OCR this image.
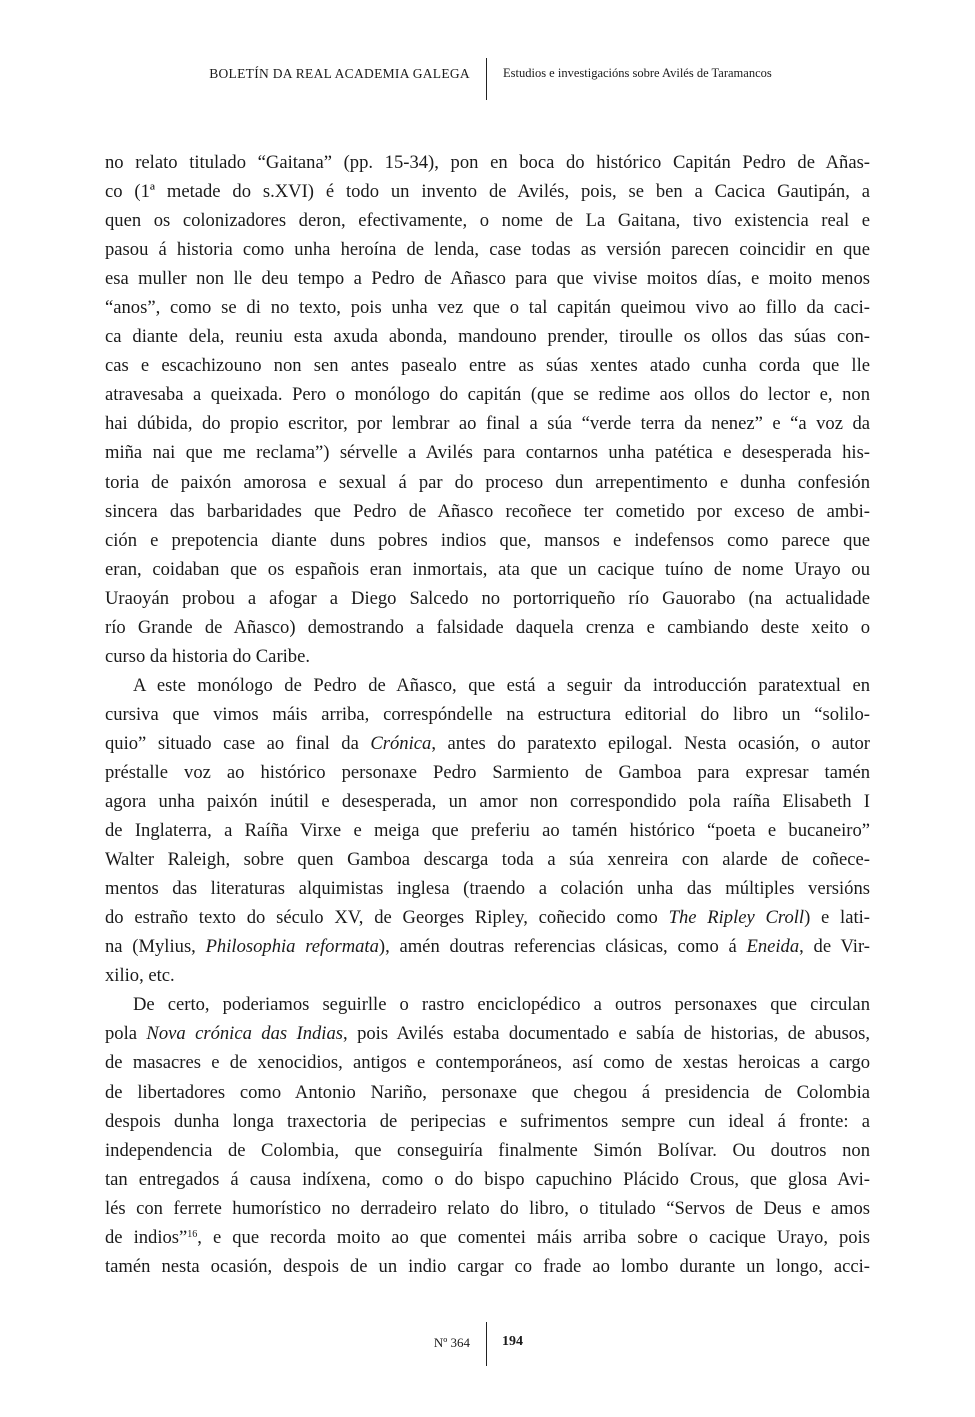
BOLETÍN DA REAL ACADEMIA GALEGA	Estudios e investigacións sobre Avilés de Taramancos
no relato titulado “Gaitana” (pp. 15-34), pon en boca do histórico Capitán Pedro de Añas-
co (1ª metade do s.XVI) é todo un invento de Avilés, pois, se ben a Cacica Gautipán, a
quen os colonizadores deron, efectivamente, o nome de La Gaitana, tivo existencia real e
pasou á historia como unha heroína de lenda, case todas as versión parecen coincidir en que
esa muller non lle deu tempo a Pedro de Añasco para que vivise moitos días, e moito menos
“anos”, como se di no texto, pois unha vez que o tal capitán queimou vivo ao fillo da caci-
ca diante dela, reuniu esta axuda abonda, mandouno prender, tiroulle os ollos das súas con-
cas e escachizouno non sen antes pasealo entre as súas xentes atado cunha corda que lle
atravesaba a queixada. Pero o monólogo do capitán (que se redime aos ollos do lector e, non
hai dúbida, do propio escritor, por lembrar ao final a súa “verde terra da nenez” e “a voz da
miña nai que me reclama”) sérvelle a Avilés para contarnos unha patética e desesperada his-
toria de paixón amorosa e sexual á par do proceso dun arrepentimento e dunha confesión
sincera das barbaridades que Pedro de Añasco recoñece ter cometido por exceso de ambi-
ción e prepotencia diante duns pobres indios que, mansos e indefensos como parece que
eran, coidaban que os españois eran inmortais, ata que un cacique tuíno de nome Urayo ou
Uraoyán probou a afogar a Diego Salcedo no portorriqueño río Gauorabo (na actualidade
río Grande de Añasco) demostrando a falsidade daquela crenza e cambiando deste xeito o
curso da historia do Caribe.
A este monólogo de Pedro de Añasco, que está a seguir da introducción paratextual en
cursiva que vimos máis arriba, correspóndelle na estructura editorial do libro un “solilo-
quio” situado case ao final da Crónica, antes do paratexto epilogal. Nesta ocasión, o autor
préstalle voz ao histórico personaxe Pedro Sarmiento de Gamboa para expresar tamén
agora unha paixón inútil e desesperada, un amor non correspondido pola raíña Elisabeth I
de Inglaterra, a Raíña Virxe e meiga que preferiu ao tamén histórico “poeta e bucaneiro”
Walter Raleigh, sobre quen Gamboa descarga toda a súa xenreira con alarde de coñece-
mentos das literaturas alquimistas inglesa (traendo a colación unha das múltiples versións
do estraño texto do século XV, de Georges Ripley, coñecido como The Ripley Croll) e lati-
na (Mylius, Philosophia reformata), amén doutras referencias clásicas, como á Eneida, de Vir-
xilio, etc.
De certo, poderiamos seguirlle o rastro enciclopédico a outros personaxes que circulan
pola Nova crónica das Indias, pois Avilés estaba documentado e sabía de historias, de abusos,
de masacres e de xenocidios, antigos e contemporáneos, así como de xestas heroicas a cargo
de libertadores como Antonio Nariño, personaxe que chegou á presidencia de Colombia
despois dunha longa traxectoria de peripecias e sufrimentos sempre cun ideal á fronte: a
independencia de Colombia, que conseguiría finalmente Simón Bolívar. Ou doutros non
tan entregados á causa indíxena, como o do bispo capuchino Plácido Crous, que glosa Avi-
lés con ferrete humorístico no derradeiro relato do libro, o titulado “Servos de Deus e amos
de indios”$^{16}$, e que recorda moito ao que comentei máis arriba sobre o cacique Urayo, pois
tamén nesta ocasión, despois de un indio cargar co frade ao lombo durante un longo, acci-
Nº 364 194
